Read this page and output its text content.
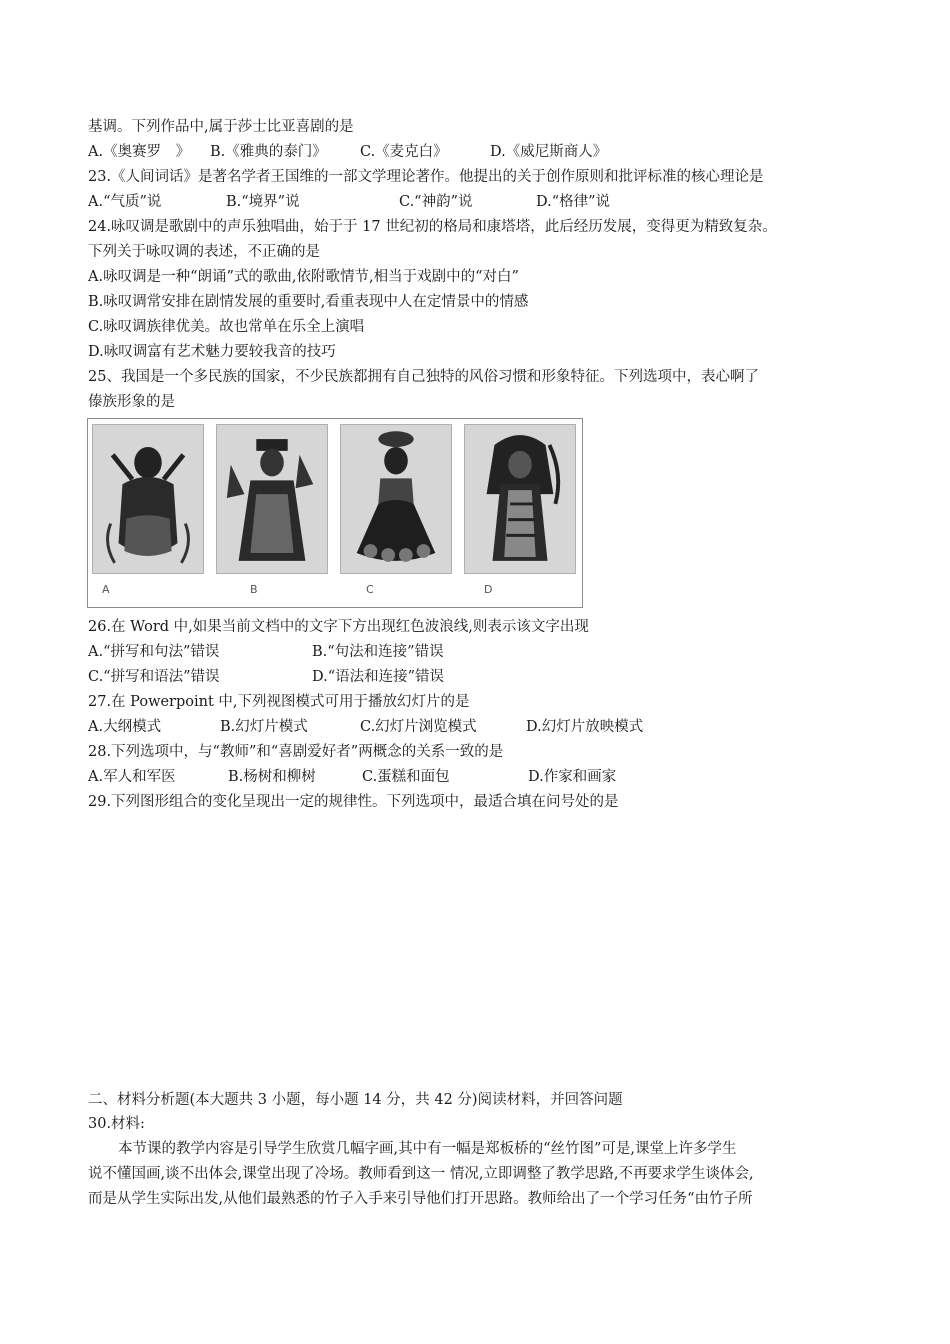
基调。下列作品中,属于莎士比亚喜剧的是
A.《奥赛罗　》	B.《雅典的泰门》	C.《麦克白》	D.《威尼斯商人》
23.《人间词话》是著名学者王国维的一部文学理论著作。他提出的关于创作原则和批评标准的核心理论是
A.“气质”说	B.“境界”说	C.“神韵”说	D.“格律”说
24.咏叹调是歌剧中的声乐独唱曲，始于于 17 世纪初的格局和康塔塔，此后经历发展，变得更为精致复杂。
下列关于咏叹调的表述，不正确的是
A.咏叹调是一种“朗诵”式的歌曲,依附歌情节,相当于戏剧中的“对白”
B.咏叹调常安排在剧情发展的重要时,看重表现中人在定情景中的情感
C.咏叹调族律优美。故也常单在乐全上演唱
D.咏叹调富有艺术魅力要较我音的技巧
25、我国是一个多民族的国家，不少民族都拥有自己独特的风俗习惯和形象特征。下列选项中，表心啊了
傣族形象的是
A	B	C	D
26.在 Word 中,如果当前文档中的文字下方出现红色波浪线,则表示该文字出现
A.“拼写和句法”错误	B.“句法和连接”错误
C.“拼写和语法”错误	D.“语法和连接”错误
27.在 Powerpoint 中,下列视图模式可用于播放幻灯片的是
A.大纲模式	B.幻灯片模式	C.幻灯片浏览模式	D.幻灯片放映模式
28.下列选项中，与“教师”和“喜剧爱好者”两概念的关系一致的是
A.军人和军医	B.杨树和柳树	C.蛋糕和面包	D.作家和画家
29.下列图形组合的变化呈现出一定的规律性。下列选项中，最适合填在问号处的是
二、材料分析题(本大题共 3 小题，每小题 14 分，共 42 分)阅读材料，并回答问题
30.材料:
本节课的教学内容是引导学生欣赏几幅字画,其中有一幅是郑板桥的“丝竹图”可是,课堂上许多学生
说不懂国画,谈不出体会,课堂出现了冷场。教师看到这一 情况,立即调整了教学思路,不再要求学生谈体会,
而是从学生实际出发,从他们最熟悉的竹子入手来引导他们打开思路。教师给出了一个学习任务“由竹子所
